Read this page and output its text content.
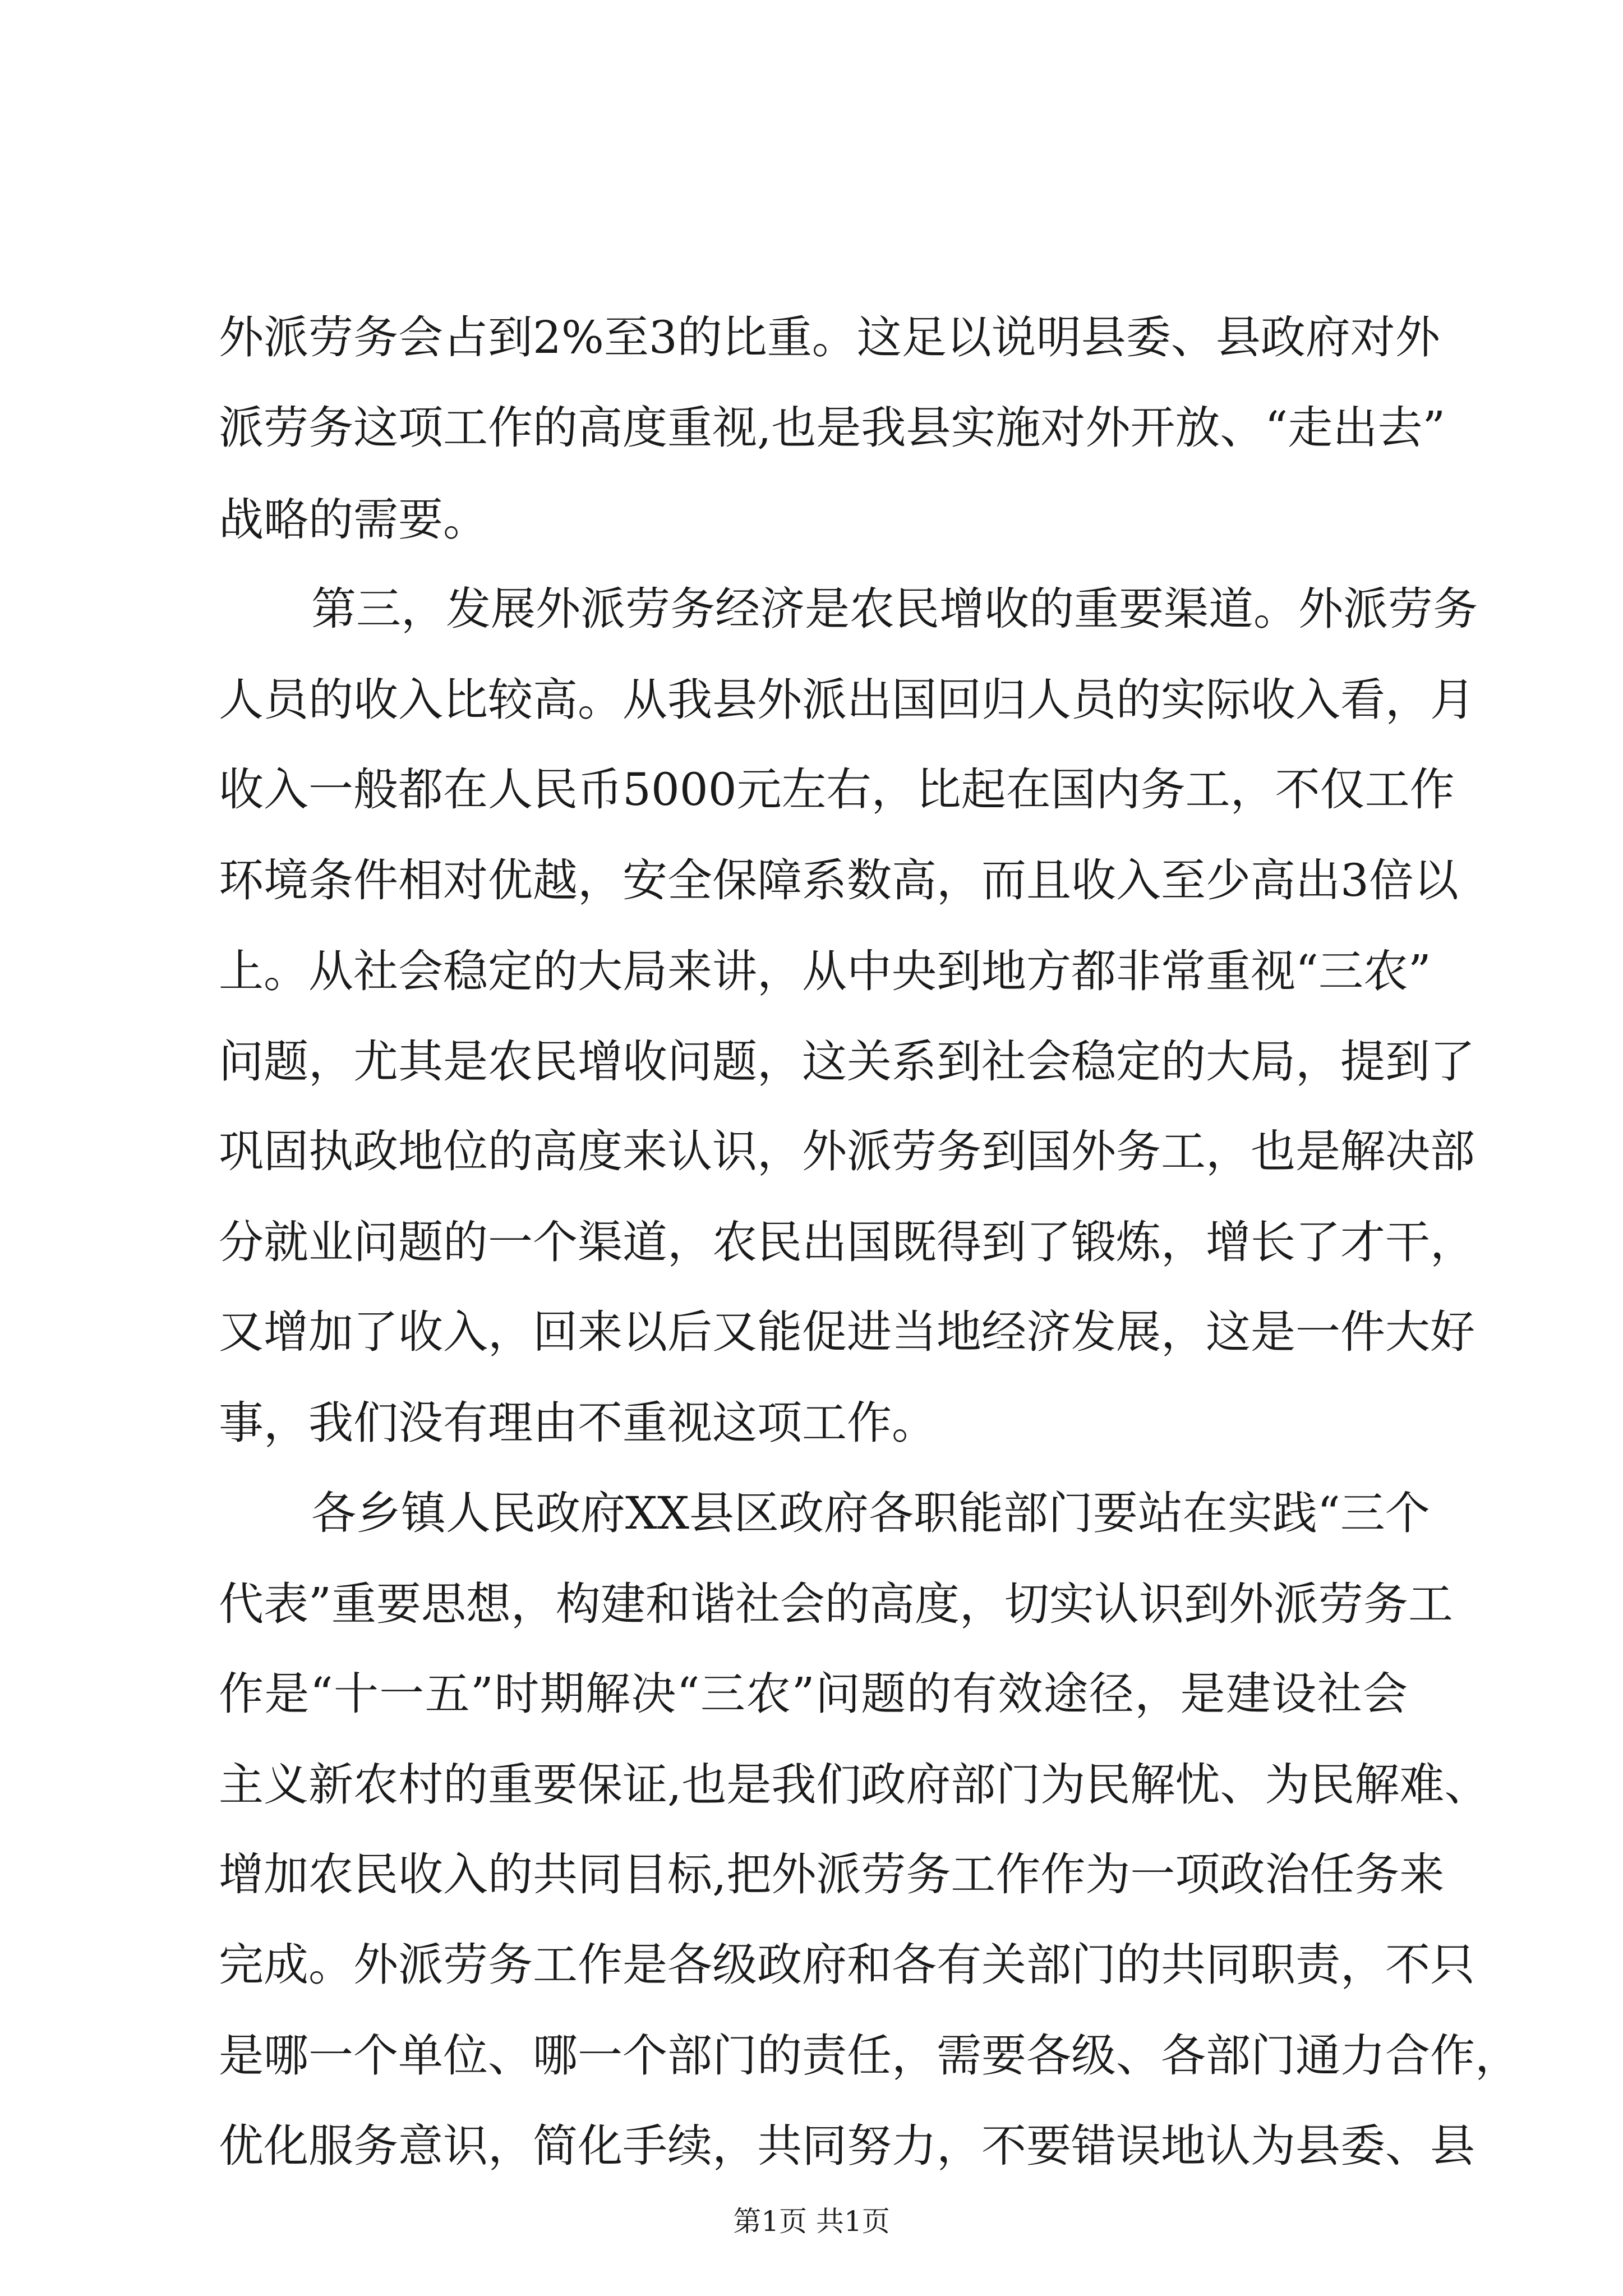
外派劳务会占到2%至3的比重。这足以说明县委、县政府对外
派劳务这项工作的高度重视,也是我县实施对外开放、“走出去”
战略的需要。
第三，发展外派劳务经济是农民增收的重要渠道。外派劳务
人员的收入比较高。从我县外派出国回归人员的实际收入看，月
收入一般都在人民币5000元左右，比起在国内务工，不仅工作
环境条件相对优越，安全保障系数高，而且收入至少高出3倍以
上。从社会稳定的大局来讲，从中央到地方都非常重视“三农”
问题，尤其是农民增收问题，这关系到社会稳定的大局，提到了
巩固执政地位的高度来认识，外派劳务到国外务工，也是解决部
分就业问题的一个渠道，农民出国既得到了锻炼，增长了才干，
又增加了收入，回来以后又能促进当地经济发展，这是一件大好
事，我们没有理由不重视这项工作。
各乡镇人民政府XX县区政府各职能部门要站在实践“三个
代表”重要思想，构建和谐社会的高度，切实认识到外派劳务工
作是“十一五”时期解决“三农”问题的有效途径，是建设社会
主义新农村的重要保证,也是我们政府部门为民解忧、为民解难、
增加农民收入的共同目标,把外派劳务工作作为一项政治任务来
完成。外派劳务工作是各级政府和各有关部门的共同职责，不只
是哪一个单位、哪一个部门的责任，需要各级、各部门通力合作，
优化服务意识，简化手续，共同努力，不要错误地认为县委、县
第1页 共1页
